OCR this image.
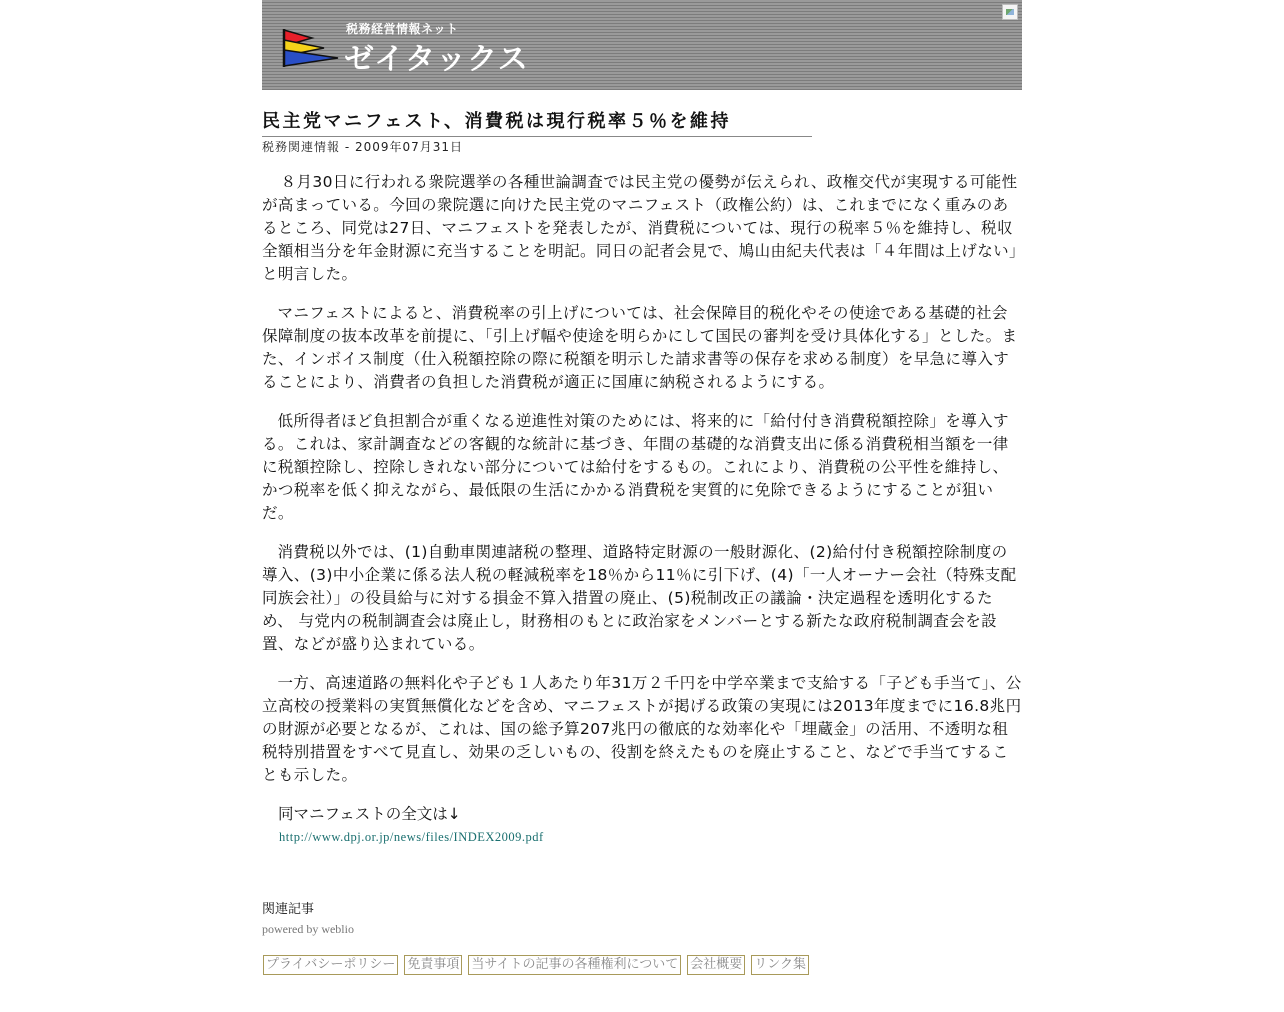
税務経営情報ネット
ゼイタックス
民主党マニフェスト、消費税は現行税率５％を維持
税務関連情報 - 2009年07月31日

８月30日に行われる衆院選挙の各種世論調査では民主党の優勢が伝えられ、政権交代が実現する可能性が高まっている。今回の衆院選に向けた民主党のマニフェスト（政権公約）は、これまでになく重みのあるところ、同党は27日、マニフェストを発表したが、消費税については、現行の税率５％を維持し、税収全額相当分を年金財源に充当することを明記。同日の記者会見で、鳩山由紀夫代表は「４年間は上げない」と明言した。

マニフェストによると、消費税率の引上げについては、社会保障目的税化やその使途である基礎的社会保障制度の抜本改革を前提に、「引上げ幅や使途を明らかにして国民の審判を受け具体化する」とした。また、インボイス制度（仕入税額控除の際に税額を明示した請求書等の保存を求める制度）を早急に導入することにより、消費者の負担した消費税が適正に国庫に納税されるようにする。

低所得者ほど負担割合が重くなる逆進性対策のためには、将来的に「給付付き消費税額控除」を導入する。これは、家計調査などの客観的な統計に基づき、年間の基礎的な消費支出に係る消費税相当額を一律に税額控除し、控除しきれない部分については給付をするもの。これにより、消費税の公平性を維持し、かつ税率を低く抑えながら、最低限の生活にかかる消費税を実質的に免除できるようにすることが狙いだ。

消費税以外では、(1)自動車関連諸税の整理、道路特定財源の一般財源化、(2)給付付き税額控除制度の導入、(3)中小企業に係る法人税の軽減税率を18％から11％に引下げ、(4)「一人オーナー会社（特殊支配同族会社）」の役員給与に対する損金不算入措置の廃止、(5)税制改正の議論・決定過程を透明化するため、 与党内の税制調査会は廃止し，財務相のもとに政治家をメンバーとする新たな政府税制調査会を設置、などが盛り込まれている。

一方、高速道路の無料化や子ども１人あたり年31万２千円を中学卒業まで支給する「子ども手当て」、公立高校の授業料の実質無償化などを含め、マニフェストが掲げる政策の実現には2013年度までに16.8兆円の財源が必要となるが、これは、国の総予算207兆円の徹底的な効率化や「埋蔵金」の活用、不透明な租税特別措置をすべて見直し、効果の乏しいもの、役割を終えたものを廃止すること、などで手当てすることも示した。

同マニフェストの全文は↓

http://www.dpj.or.jp/news/files/INDEX2009.pdf
関連記事
powered by weblio
プライバシーポリシー 免責事項 当サイトの記事の各種権利について 会社概要 リンク集
